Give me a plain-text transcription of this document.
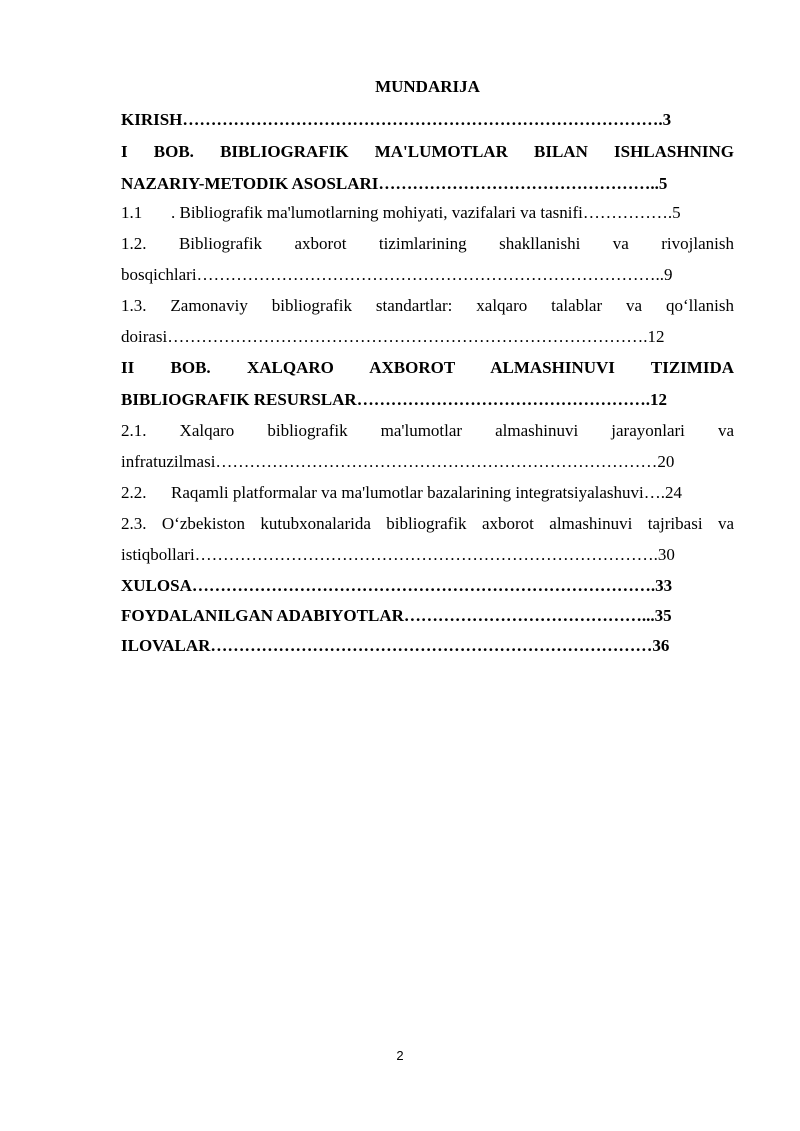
MUNDARIJA
KIRISH………………………………………………………………………….3
I BOB. BIBLIOGRAFIK MA'LUMOTLAR BILAN ISHLASHNING
NAZARIY-METODIK ASOSLARI…………………………………………..5
1.1 . Bibliografik ma'lumotlarning mohiyati, vazifalari va tasnifi…………….5
1.2. Bibliografik axborot tizimlarining shakllanishi va rivojlanish
bosqichlari………………………………………………………………………..9
1.3. Zamonaviy bibliografik standartlar: xalqaro talablar va qo‘llanish
doirasi………………………………………………………………………….12
II BOB. XALQARO AXBOROT ALMASHINUVI TIZIMIDA
BIBLIOGRAFIK RESURSLAR…………………………………………….12
2.1. Xalqaro bibliografik ma'lumotlar almashinuvi jarayonlari va
infratuzilmasi……………………………………………………………………20
2.2. Raqamli platformalar va ma'lumotlar bazalarining integratsiyalashuvi….24
2.3. O‘zbekiston kutubxonalarida bibliografik axborot almashinuvi tajribasi va
istiqbollari……………………………………………………………………….30
XULOSA……………………………………………………………………….33
FOYDALANILGAN ADABIYOTLAR……………………………………...35
ILOVALAR……………………………………………………………………36
2
